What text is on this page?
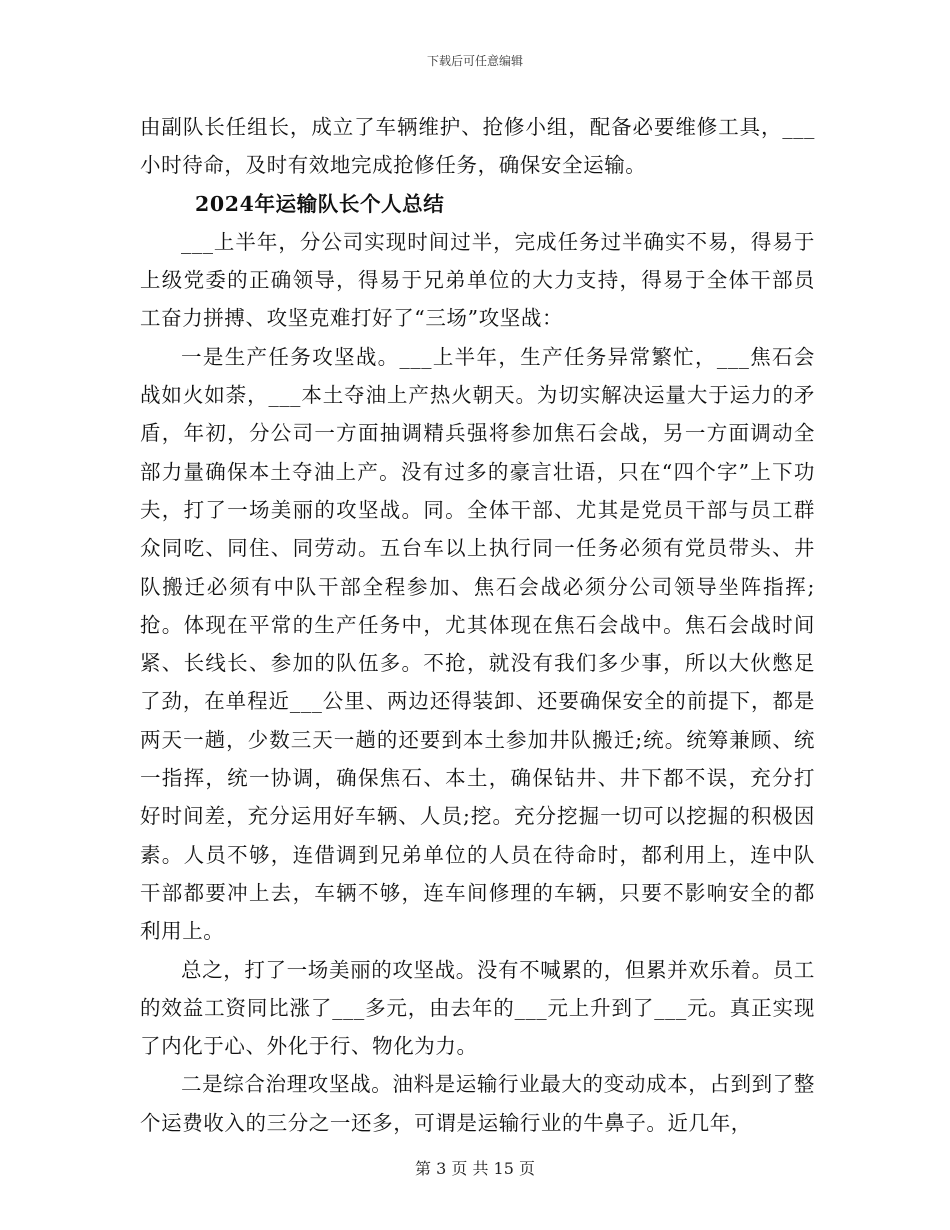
下载后可任意编辑

由副队长任组长，成立了车辆维护、抢修小组，配备必要维修工具，___小时待命，及时有效地完成抢修任务，确保安全运输。

2024年运输队长个人总结

___上半年，分公司实现时间过半，完成任务过半确实不易，得易于上级党委的正确领导，得易于兄弟单位的大力支持，得易于全体干部员工奋力拼搏、攻坚克难打好了“三场”攻坚战：

一是生产任务攻坚战。___上半年，生产任务异常繁忙，___焦石会战如火如荼，___本土夺油上产热火朝天。为切实解决运量大于运力的矛盾，年初，分公司一方面抽调精兵强将参加焦石会战，另一方面调动全部力量确保本土夺油上产。没有过多的豪言壮语，只在“四个字”上下功夫，打了一场美丽的攻坚战。同。全体干部、尤其是党员干部与员工群众同吃、同住、同劳动。五台车以上执行同一任务必须有党员带头、井队搬迁必须有中队干部全程参加、焦石会战必须分公司领导坐阵指挥;抢。体现在平常的生产任务中，尤其体现在焦石会战中。焦石会战时间紧、长线长、参加的队伍多。不抢，就没有我们多少事，所以大伙憋足了劲，在单程近___公里、两边还得装卸、还要确保安全的前提下，都是两天一趟，少数三天一趟的还要到本土参加井队搬迁;统。统筹兼顾、统一指挥，统一协调，确保焦石、本土，确保钻井、井下都不误，充分打好时间差，充分运用好车辆、人员;挖。充分挖掘一切可以挖掘的积极因素。人员不够，连借调到兄弟单位的人员在待命时，都利用上，连中队干部都要冲上去，车辆不够，连车间修理的车辆，只要不影响安全的都利用上。

总之，打了一场美丽的攻坚战。没有不喊累的，但累并欢乐着。员工的效益工资同比涨了___多元，由去年的___元上升到了___元。真正实现了内化于心、外化于行、物化为力。

二是综合治理攻坚战。油料是运输行业最大的变动成本，占到到了整个运费收入的三分之一还多，可谓是运输行业的牛鼻子。近几年，

第 3 页 共 15 页
